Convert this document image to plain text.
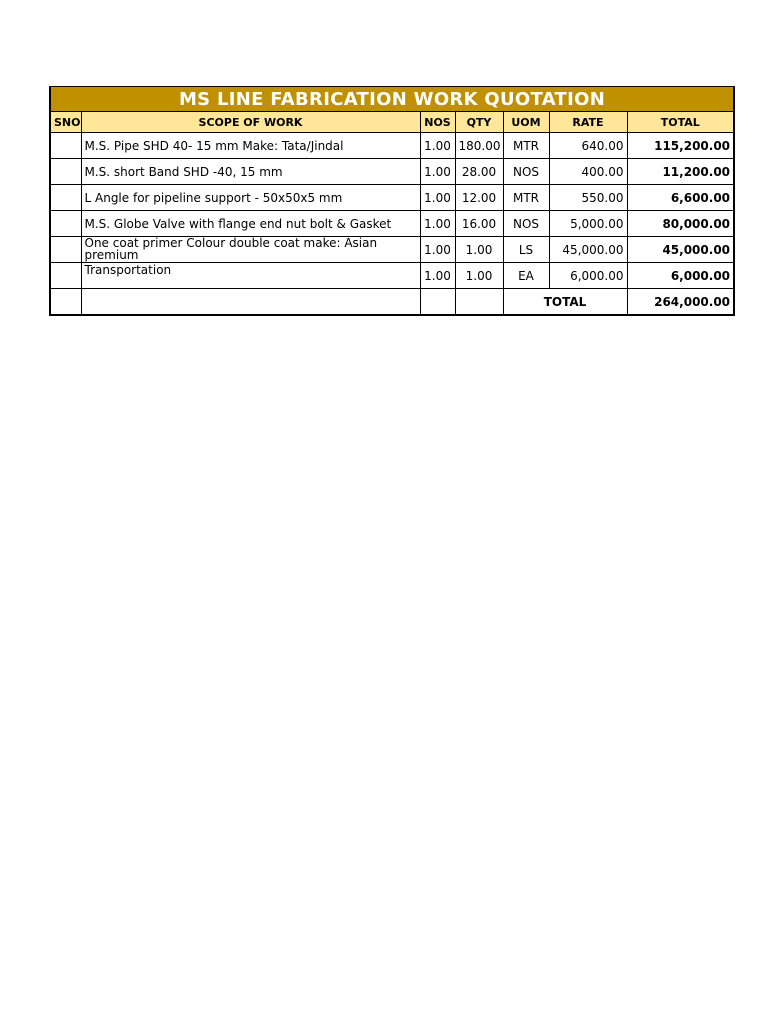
MS LINE FABRICATION WORK QUOTATION						
SNO	SCOPE OF WORK	NOS	QTY	UOM	RATE	TOTAL
	M.S. Pipe SHD 40- 15 mm Make: Tata/Jindal	1.00	180.00	MTR	640.00	115,200.00
	M.S. short Band SHD -40, 15 mm	1.00	28.00	NOS	400.00	11,200.00
	L Angle for pipeline support - 50x50x5 mm	1.00	12.00	MTR	550.00	6,600.00
	M.S. Globe Valve with flange end nut bolt & Gasket	1.00	16.00	NOS	5,000.00	80,000.00
	One coat primer Colour double coat make: Asian premium	1.00	1.00	LS	45,000.00	45,000.00
	Transportation	1.00	1.00	EA	6,000.00	6,000.00
				TOTAL		264,000.00
